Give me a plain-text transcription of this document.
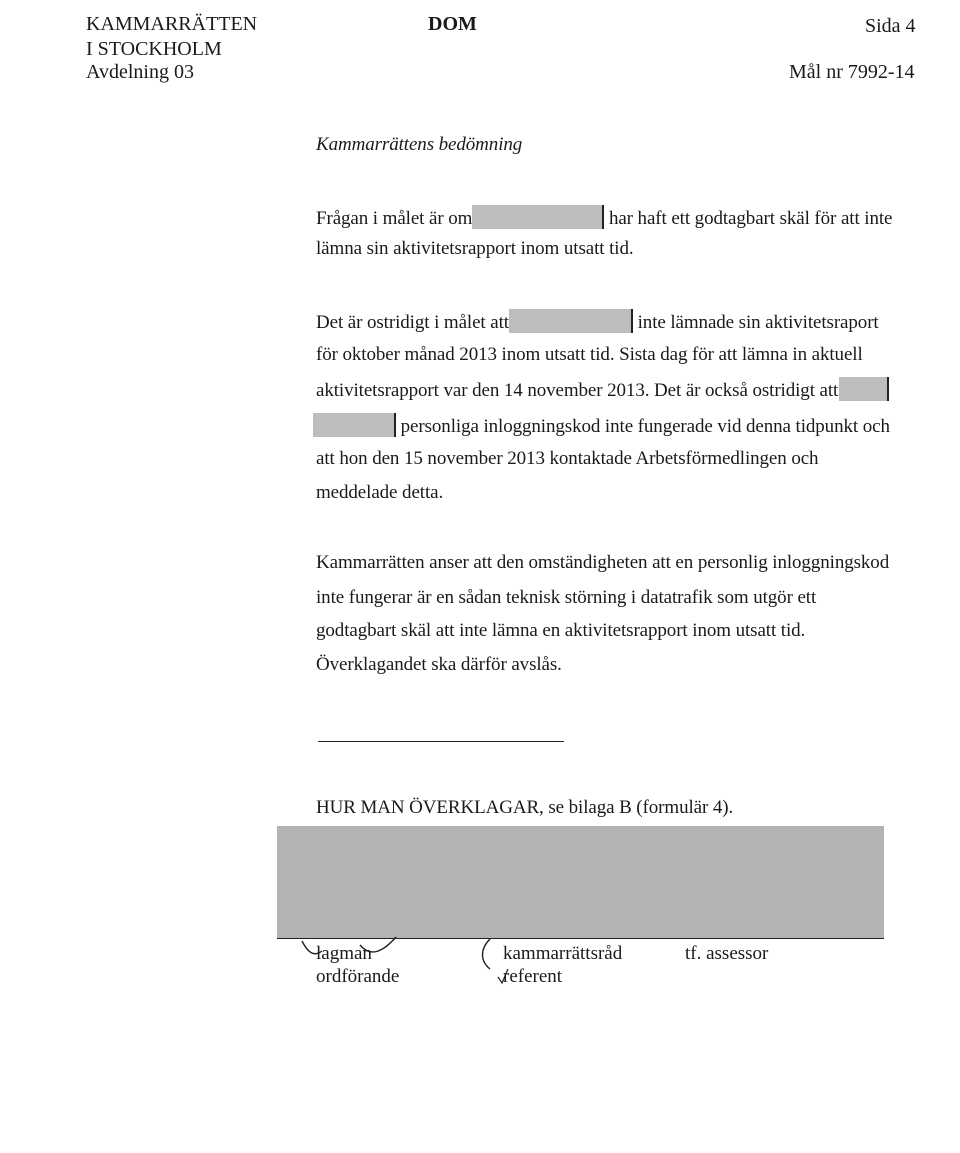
KAMMARRÄTTEN
I STOCKHOLM
Avdelning 03
DOM	Sida 4
Mål nr 7992-14
Kammarrättens bedömning
Frågan i målet är om	har haft ett godtagbart skäl för att inte
lämna sin aktivitetsrapport inom utsatt tid.
Det är ostridigt i målet att	inte lämnade sin aktivitetsraport
för oktober månad 2013 inom utsatt tid. Sista dag för att lämna in aktuell
aktivitetsrapport var den 14 november 2013. Det är också ostridigt att
personliga inloggningskod inte fungerade vid denna tidpunkt och
att hon den 15 november 2013 kontaktade Arbetsförmedlingen och
meddelade detta.
Kammarrätten anser att den omständigheten att en personlig inloggningskod
inte fungerar är en sådan teknisk störning i datatrafik som utgör ett
godtagbart skäl att inte lämna en aktivitetsrapport inom utsatt tid.
Överklagandet ska därför avslås.
HUR MAN ÖVERKLAGAR, se bilaga B (formulär 4).
lagman
ordförande
kammarrättsråd
referent
tf. assessor
